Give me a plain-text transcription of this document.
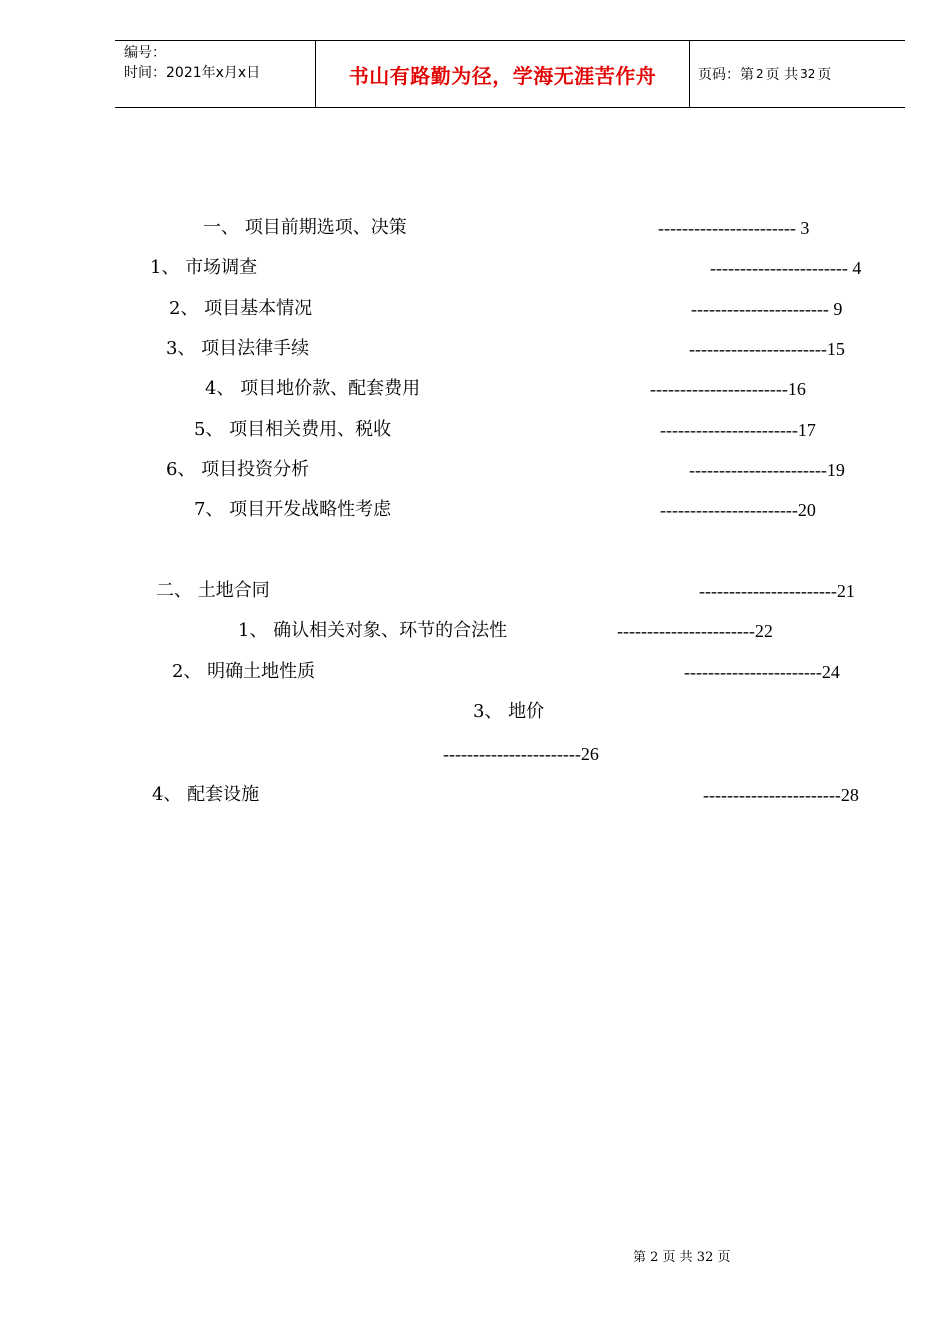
编号：
时间：2021年x月x日	书山有路勤为径，学海无涯苦作舟	页码：第 2 页 共 32 页
一、 项目前期选项、决策	----------------------- 3
1、 市场调查	----------------------- 4
2、 项目基本情况	----------------------- 9
3、 项目法律手续	-----------------------15
4、 项目地价款、配套费用	-----------------------16
5、 项目相关费用、税收	-----------------------17
6、 项目投资分析	-----------------------19
7、 项目开发战略性考虑	-----------------------20
二、 土地合同	-----------------------21
1、 确认相关对象、环节的合法性	-----------------------22
2、 明确土地性质	-----------------------24
3、 地价
-----------------------26
4、 配套设施	-----------------------28
第 2 页 共 32 页
